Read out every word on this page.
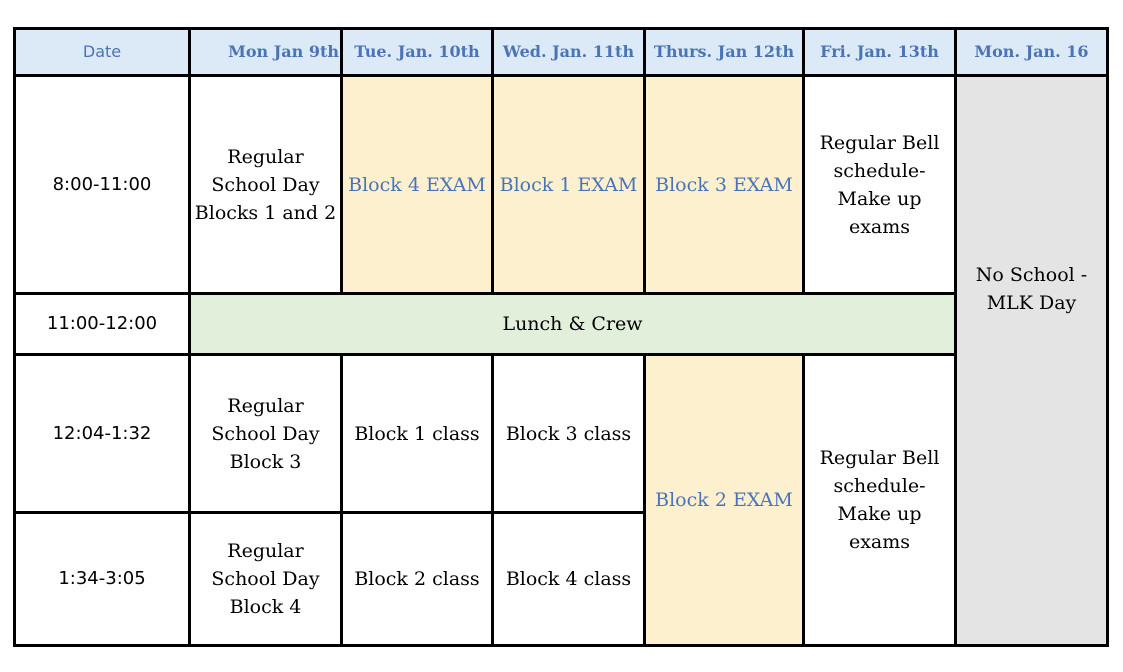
Date	Mon Jan 9th	Tue. Jan. 10th	Wed. Jan. 11th	Thurs. Jan 12th	Fri. Jan. 13th	Mon. Jan. 16
8:00-11:00	Regular School Day Blocks 1 and 2	Block 4 EXAM	Block 1 EXAM	Block 3 EXAM	Regular Bell schedule-Make up exams	No School - MLK Day
11:00-12:00	Lunch & Crew					
12:04-1:32	Regular School Day Block 3	Block 1 class	Block 3 class	Block 2 EXAM	Regular Bell schedule-Make up exams	
1:34-3:05	Regular School Day Block 4	Block 2 class	Block 4 class			
